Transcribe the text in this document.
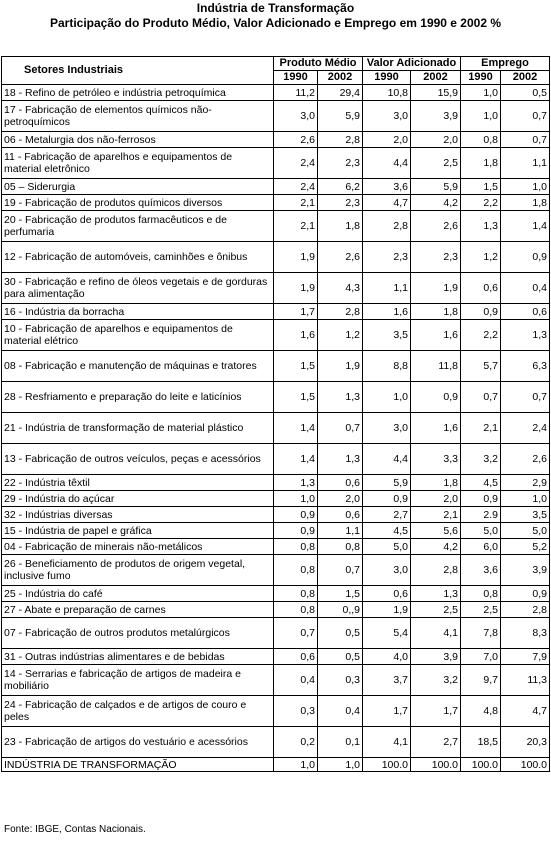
Indústria de Transformação
Participação do Produto Médio, Valor Adicionado e Emprego em 1990 e 2002 %
Setores Industriais	Produto Médio		Valor Adicionado		Emprego	
	1990	2002	1990	2002	1990	2002
18 - Refino de petróleo e indústria petroquímica	11,2	29,4	10,8	15,9	1,0	0,5
17 - Fabricação de elementos químicos não-petroquímicos	3,0	5,9	3,0	3,9	1,0	0,7
06 - Metalurgia dos não-ferrosos	2,6	2,8	2,0	2,0	0,8	0,7
11 - Fabricação de aparelhos e equipamentos de material eletrônico	2,4	2,3	4,4	2,5	1,8	1,1
05 – Siderurgia	2,4	6,2	3,6	5,9	1,5	1,0
19 - Fabricação de produtos químicos diversos	2,1	2,3	4,7	4,2	2,2	1,8
20 - Fabricação de produtos farmacêuticos e de perfumaria	2,1	1,8	2,8	2,6	1,3	1,4
12 - Fabricação de automóveis, caminhões e ônibus	1,9	2,6	2,3	2,3	1,2	0,9
30 - Fabricação e refino de óleos vegetais e de gorduras para alimentação	1,9	4,3	1,1	1,9	0,6	0,4
16 - Indústria da borracha	1,7	2,8	1,6	1,8	0,9	0,6
10 - Fabricação de aparelhos e equipamentos de material elétrico	1,6	1,2	3,5	1,6	2,2	1,3
08 - Fabricação e manutenção de máquinas e tratores	1,5	1,9	8,8	11,8	5,7	6,3
28 - Resfriamento e preparação do leite e laticínios	1,5	1,3	1,0	0,9	0,7	0,7
21 - Indústria de transformação de material plástico	1,4	0,7	3,0	1,6	2,1	2,4
13 - Fabricação de outros veículos, peças e acessórios	1,4	1,3	4,4	3,3	3,2	2,6
22 - Indústria têxtil	1,3	0,6	5,9	1,8	4,5	2,9
29 - Indústria do açúcar	1,0	2,0	0,9	2,0	0,9	1,0
32 - Indústrias diversas	0,9	0,6	2,7	2,1	2.9	3,5
15 - Indústria de papel e gráfica	0,9	1,1	4,5	5,6	5,0	5,0
04 - Fabricação de minerais não-metálicos	0,8	0,8	5,0	4,2	6,0	5,2
26 - Beneficiamento de produtos de origem vegetal, inclusive fumo	0,8	0,7	3,0	2,8	3,6	3,9
25 - Indústria do café	0,8	1,5	0,6	1,3	0,8	0,9
27 - Abate e preparação de carnes	0,8	0,,9	1,9	2,5	2,5	2,8
07 - Fabricação de outros produtos metalúrgicos	0,7	0,5	5,4	4,1	7,8	8,3
31 - Outras indústrias alimentares e de bebidas	0,6	0,5	4,0	3,9	7,0	7,9
14 - Serrarias e fabricação de artigos de madeira e mobiliário	0,4	0,3	3,7	3,2	9,7	11,3
24 - Fabricação de calçados e de artigos de couro e peles	0,3	0,4	1,7	1,7	4,8	4,7
23 - Fabricação de artigos do vestuário e acessórios	0,2	0,1	4,1	2,7	18,5	20,3
INDÚSTRIA DE TRANSFORMAÇÃO	1,0	1,0	100.0	100.0	100.0	100.0
Fonte: IBGE, Contas Nacionais.
